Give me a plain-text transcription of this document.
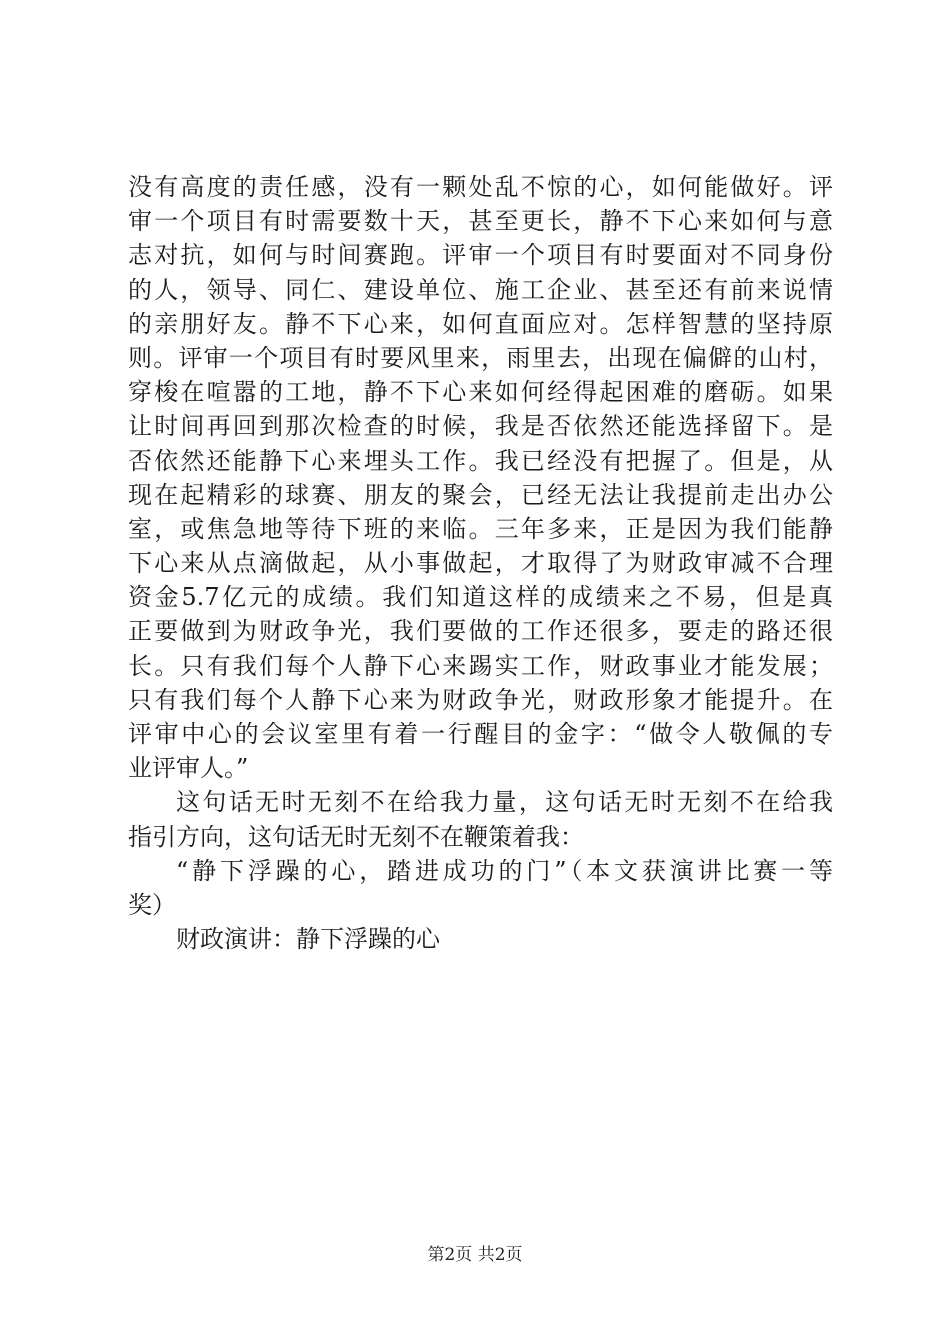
没有高度的责任感，没有一颗处乱不惊的心，如何能做好。评
审一个项目有时需要数十天，甚至更长，静不下心来如何与意
志对抗，如何与时间赛跑。评审一个项目有时要面对不同身份
的人，领导、同仁、建设单位、施工企业、甚至还有前来说情
的亲朋好友。静不下心来，如何直面应对。怎样智慧的坚持原
则。评审一个项目有时要风里来，雨里去，出现在偏僻的山村，
穿梭在喧嚣的工地，静不下心来如何经得起困难的磨砺。如果
让时间再回到那次检查的时候，我是否依然还能选择留下。是
否依然还能静下心来埋头工作。我已经没有把握了。但是，从
现在起精彩的球赛、朋友的聚会，已经无法让我提前走出办公
室，或焦急地等待下班的来临。三年多来，正是因为我们能静
下心来从点滴做起，从小事做起，才取得了为财政审减不合理
资金5.7亿元的成绩。我们知道这样的成绩来之不易，但是真
正要做到为财政争光，我们要做的工作还很多，要走的路还很
长。只有我们每个人静下心来踢实工作，财政事业才能发展；
只有我们每个人静下心来为财政争光，财政形象才能提升。在
评审中心的会议室里有着一行醒目的金字：“做令人敬佩的专
业评审人。”
这句话无时无刻不在给我力量，这句话无时无刻不在给我
指引方向，这句话无时无刻不在鞭策着我：
“静下浮躁的心，踏进成功的门”（本文获演讲比赛一等
奖）
财政演讲：静下浮躁的心
第2页 共2页
